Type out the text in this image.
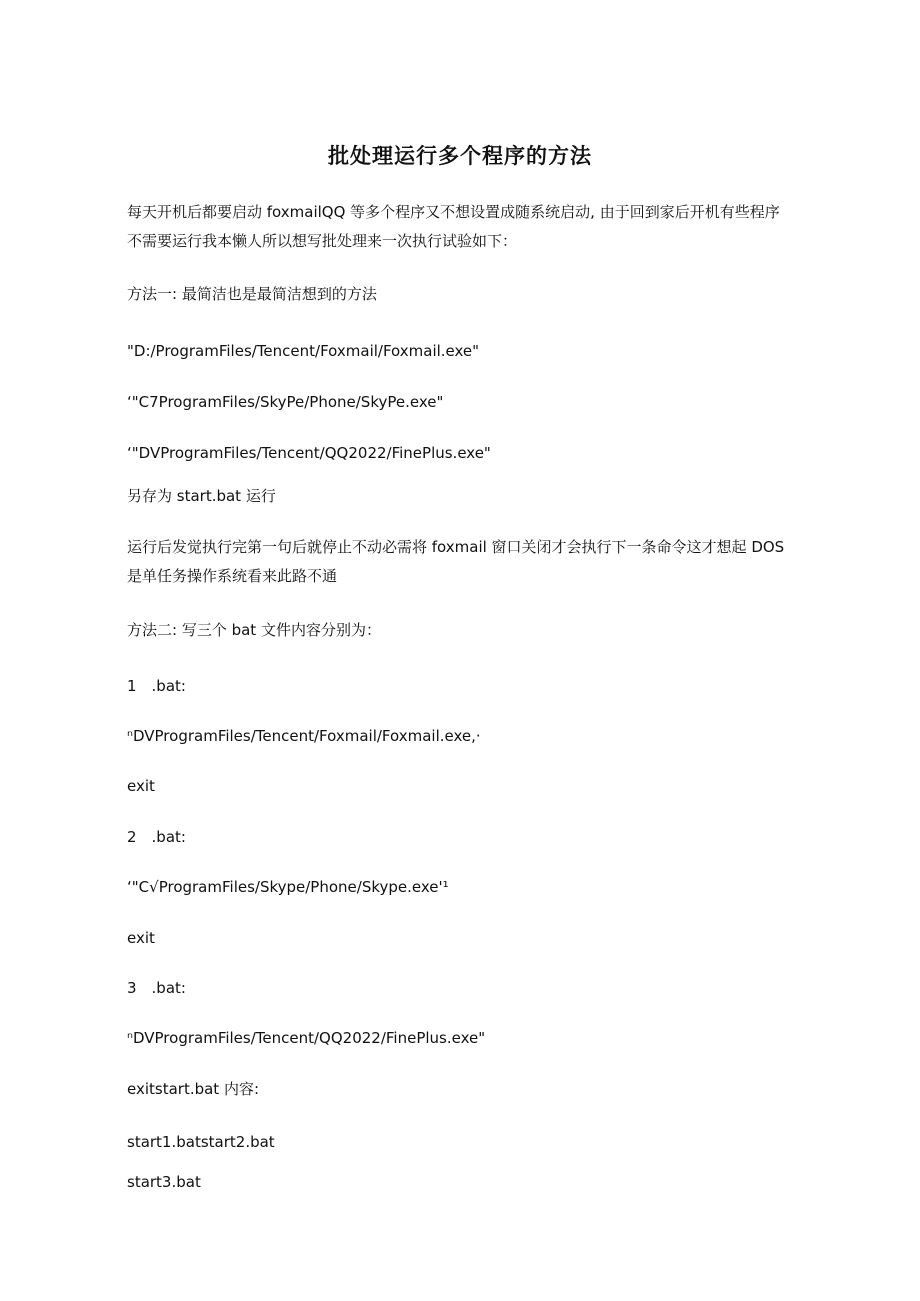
批处理运行多个程序的方法
每天开机后都要启动 foxmailQQ 等多个程序又不想设置成随系统启动, 由于回到家后开机有些程序
不需要运行我本懒人所以想写批处理来一次执行试验如下：
方法一: 最简洁也是最简洁想到的方法
"D:/ProgramFiles/Tencent/Foxmail/Foxmail.exe"
‘"C7ProgramFiles/SkyPe/Phone/SkyPe.exe"
‘"DVProgramFiles∕Tencent∕QQ2022∕FinePlus.exe"
另存为 start.bat 运行
运行后发觉执行完第一句后就停止不动必需将 foxmail 窗口关闭才会执行下一条命令这才想起 DOS
是单任务操作系统看来此路不通
方法二: 写三个 bat 文件内容分别为：
1　.bat:
ⁿDVProgramFiles/Tencent/Foxmail/Foxmail.exe,·
exit
2　.bat:
‘"C√ProgramFiles/Skype/Phone/Skype.exe'¹
exit
3　.bat:
ⁿDVProgramFiles∕Tencent∕QQ2022∕FinePlus.exe"
exitstart.bat 内容:
start1.batstart2.bat
start3.bat
